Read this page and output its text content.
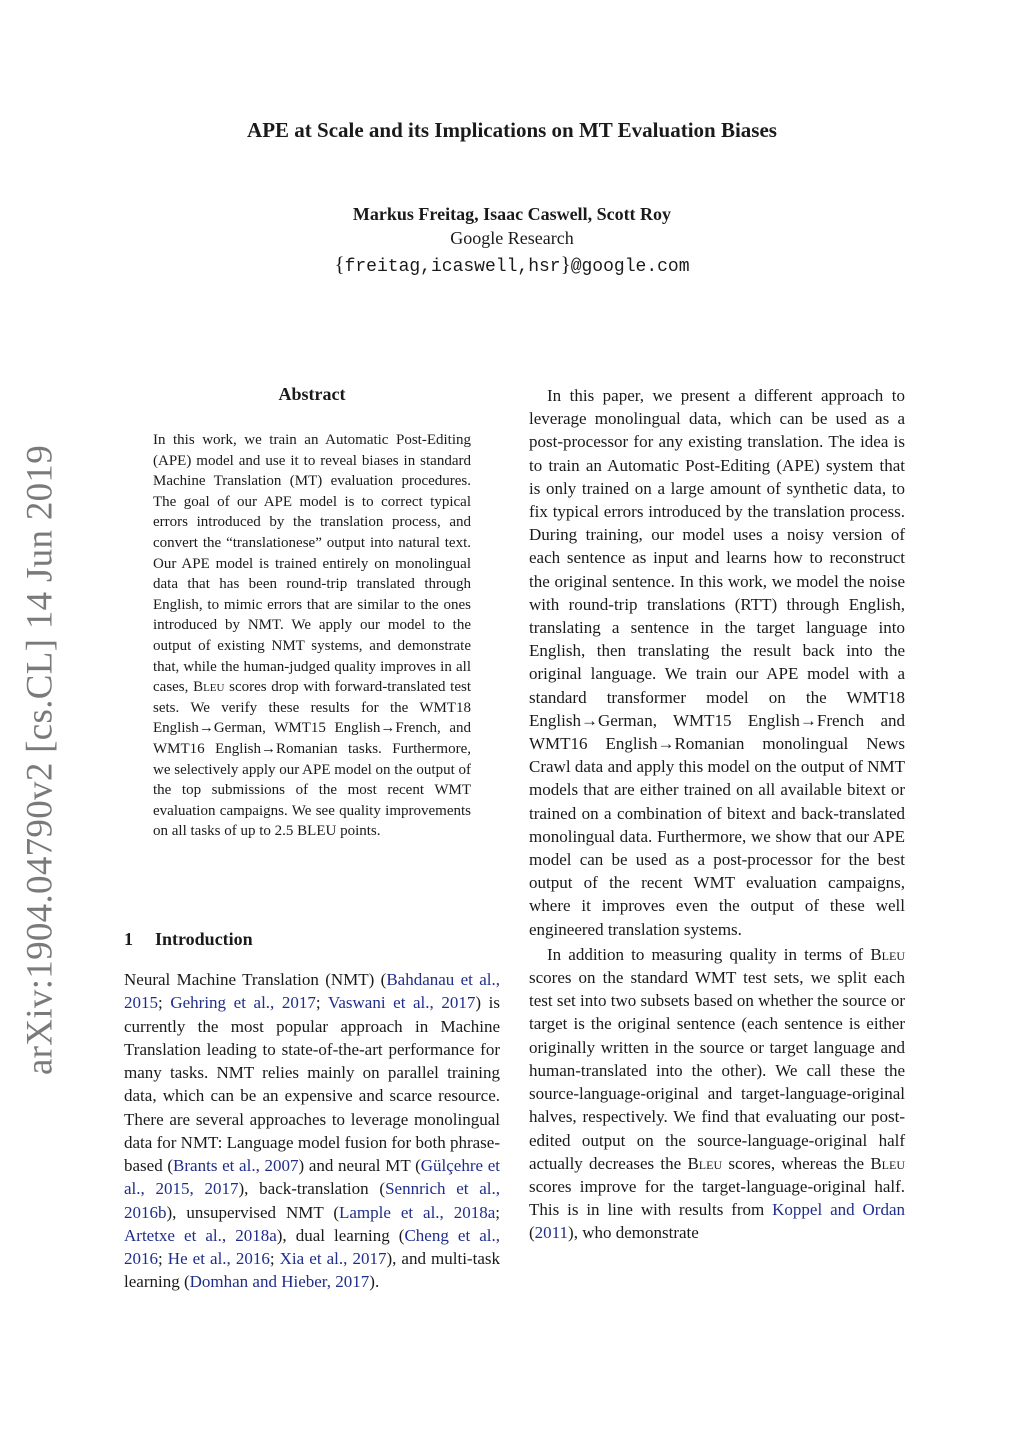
arXiv:1904.04790v2 [cs.CL] 14 Jun 2019
APE at Scale and its Implications on MT Evaluation Biases
Markus Freitag, Isaac Caswell, Scott Roy
Google Research
{freitag,icaswell,hsr}@google.com
Abstract
In this work, we train an Automatic Post-Editing (APE) model and use it to reveal biases in standard Machine Translation (MT) evaluation procedures. The goal of our APE model is to correct typical errors introduced by the translation process, and convert the “translationese” output into natural text. Our APE model is trained entirely on monolingual data that has been round-trip translated through English, to mimic errors that are similar to the ones introduced by NMT. We apply our model to the output of existing NMT systems, and demonstrate that, while the human-judged quality improves in all cases, Bleu scores drop with forward-translated test sets. We verify these results for the WMT18 English→German, WMT15 English→French, and WMT16 English→Romanian tasks. Furthermore, we selectively apply our APE model on the output of the top submissions of the most recent WMT evaluation campaigns. We see quality improvements on all tasks of up to 2.5 BLEU points.
1 Introduction

Neural Machine Translation (NMT) (Bahdanau et al., 2015; Gehring et al., 2017; Vaswani et al., 2017) is currently the most popular approach in Machine Translation leading to state-of-the-art performance for many tasks. NMT relies mainly on parallel training data, which can be an expensive and scarce resource. There are several approaches to leverage monolingual data for NMT: Language model fusion for both phrase-based (Brants et al., 2007) and neural MT (Gülçehre et al., 2015, 2017), back-translation (Sennrich et al., 2016b), unsupervised NMT (Lample et al., 2018a; Artetxe et al., 2018a), dual learning (Cheng et al., 2016; He et al., 2016; Xia et al., 2017), and multi-task learning (Domhan and Hieber, 2017).

In this paper, we present a different approach to leverage monolingual data, which can be used as a post-processor for any existing translation. The idea is to train an Automatic Post-Editing (APE) system that is only trained on a large amount of synthetic data, to fix typical errors introduced by the translation process. During training, our model uses a noisy version of each sentence as input and learns how to reconstruct the original sentence. In this work, we model the noise with round-trip translations (RTT) through English, translating a sentence in the target language into English, then translating the result back into the original language. We train our APE model with a standard transformer model on the WMT18 English→German, WMT15 English→French and WMT16 English→Romanian monolingual News Crawl data and apply this model on the output of NMT models that are either trained on all available bitext or trained on a combination of bitext and back-translated monolingual data. Furthermore, we show that our APE model can be used as a post-processor for the best output of the recent WMT evaluation campaigns, where it improves even the output of these well engineered translation systems.

In addition to measuring quality in terms of Bleu scores on the standard WMT test sets, we split each test set into two subsets based on whether the source or target is the original sentence (each sentence is either originally written in the source or target language and human-translated into the other). We call these the source-language-original and target-language-original halves, respectively. We find that evaluating our post-edited output on the source-language-original half actually decreases the Bleu scores, whereas the Bleu scores improve for the target-language-original half. This is in line with results from Koppel and Ordan (2011), who demonstrate
